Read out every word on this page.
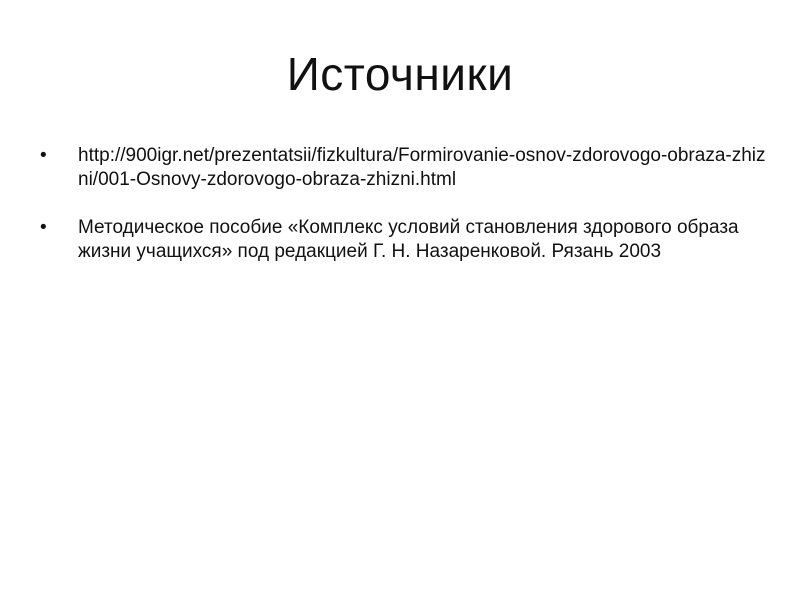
Источники
•	http://900igr.net/prezentatsii/fizkultura/Formirovanie-osnov-zdorovogo-obraza-zhizni/001-Osnovy-zdorovogo-obraza-zhizni.html
•	Методическое пособие «Комплекс условий становления здорового образа жизни учащихся» под редакцией Г. Н. Назаренковой. Рязань 2003
